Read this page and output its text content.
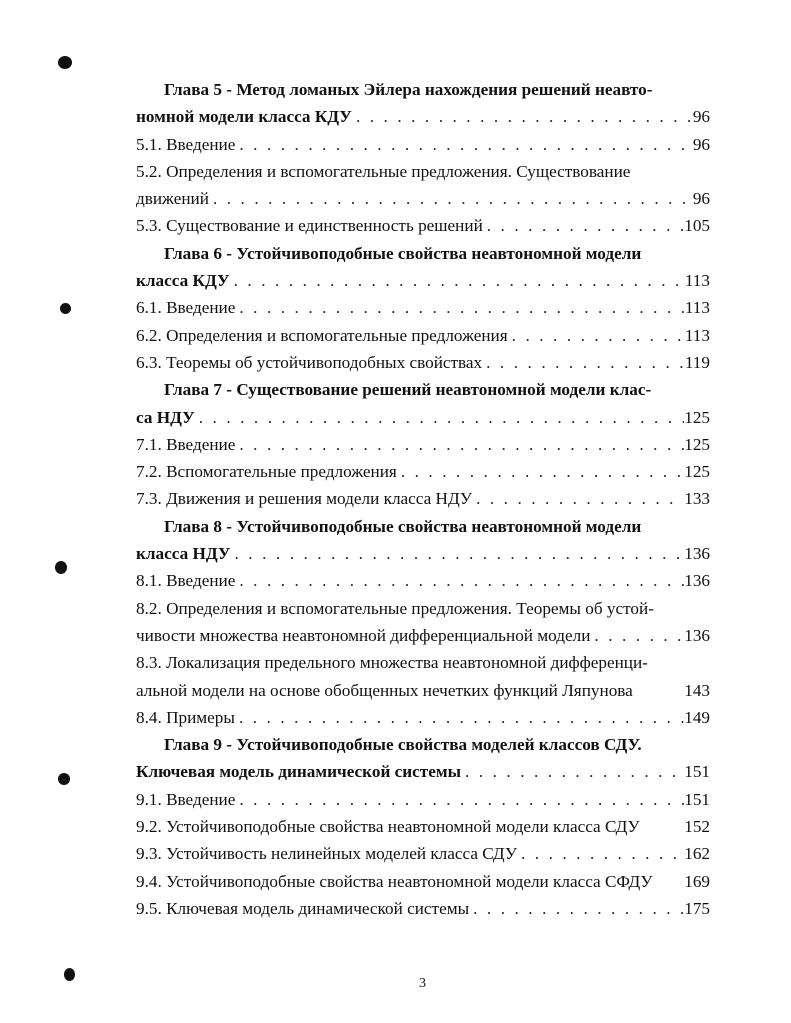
Глава 5 - Метод ломаных Эйлера нахождения решений неавто-
номной модели класса КДУ . . .	96
5.1. Введение . . .	96
5.2. Определения и вспомогательные предложения. Существование
движений . . .	96
5.3. Существование и единственность решений . . .	105
Глава 6 - Устойчивоподобные свойства неавтономной модели
класса КДУ . . .	113
6.1. Введение . . .	113
6.2. Определения и вспомогательные предложения . . .	113
6.3. Теоремы об устойчивоподобных свойствах . . .	119
Глава 7 - Существование решений неавтономной модели клас-
са НДУ . . .	125
7.1. Введение . . .	125
7.2. Вспомогательные предложения . . .	125
7.3. Движения и решения модели класса НДУ . . .	133
Глава 8 - Устойчивоподобные свойства неавтономной модели
класса НДУ . . .	136
8.1. Введение . . .	136
8.2. Определения и вспомогательные предложения. Теоремы об устой-
чивости множества неавтономной дифференциальной модели . . .	136
8.3. Локализация предельного множества неавтономной дифференци-
альной модели на основе обобщенных нечетких функций Ляпунова	143
8.4. Примеры . . .	149
Глава 9 - Устойчивоподобные свойства моделей классов СДУ.
Ключевая модель динамической системы . . .	151
9.1. Введение . . .	151
9.2. Устойчивоподобные свойства неавтономной модели класса СДУ	152
9.3. Устойчивость нелинейных моделей класса СДУ . . .	162
9.4. Устойчивоподобные свойства неавтономной модели класса СФДУ 169
9.5. Ключевая модель динамической системы . . .	175
3
